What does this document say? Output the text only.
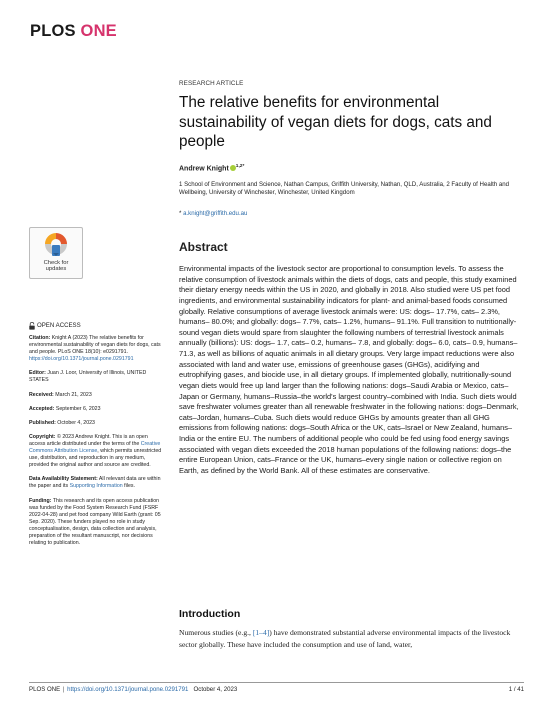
PLOS ONE
RESEARCH ARTICLE
The relative benefits for environmental sustainability of vegan diets for dogs, cats and people
Andrew Knight $^{1,2*}$
1 School of Environment and Science, Nathan Campus, Griffith University, Nathan, QLD, Australia, 2 Faculty of Health and Wellbeing, University of Winchester, Winchester, United Kingdom
* a.knight@griffith.edu.au
Abstract

Environmental impacts of the livestock sector are proportional to consumption levels. To assess the relative consumption of livestock animals within the diets of dogs, cats and people, this study examined their dietary energy needs within the US in 2020, and globally in 2018. Also studied were US pet food ingredients, and environmental sustainability indicators for plant- and animal-based foods consumed globally. Relative consumptions of average livestock animals were: US: dogs– 17.7%, cats– 2.3%, humans– 80.0%; and globally: dogs– 7.7%, cats– 1.2%, humans– 91.1%. Full transition to nutritionally-sound vegan diets would spare from slaughter the following numbers of terrestrial livestock animals annually (billions): US: dogs– 1.7, cats– 0.2, humans– 7.8, and globally: dogs– 6.0, cats– 0.9, humans– 71.3, as well as billions of aquatic animals in all dietary groups. Very large impact reductions were also associated with land and water use, emissions of greenhouse gases (GHGs), acidifying and eutrophifying gases, and biocide use, in all dietary groups. If implemented globally, nutritionally-sound vegan diets would free up land larger than the following nations: dogs–Saudi Arabia or Mexico, cats–Japan or Germany, humans–Russia–the world's largest country–combined with India. Such diets would save freshwater volumes greater than all renewable freshwater in the following nations: dogs–Denmark, cats–Jordan, humans–Cuba. Such diets would reduce GHGs by amounts greater than all GHG emissions from following nations: dogs–South Africa or the UK, cats–Israel or New Zealand, humans–India or the entire EU. The numbers of additional people who could be fed using food energy savings associated with vegan diets exceeded the 2018 human populations of the following nations: dogs–the entire European Union, cats–France or the UK, humans–every single nation or collective region on Earth, as defined by the World Bank. All of these estimates are conservative.

Introduction

Numerous studies (e.g., [1–4]) have demonstrated substantial adverse environmental impacts of the livestock sector globally. These have included the consumption and use of land, water,

Check for
updates
OPEN ACCESS
Citation: Knight A (2023) The relative benefits for environmental sustainability of vegan diets for dogs, cats and people. PLoS ONE 18(10): e0291791. https://doi.org/10.1371/journal.pone.0291791
Editor: Juan J. Loor, University of Illinois, UNITED STATES
Received: March 21, 2023
Accepted: September 6, 2023
Published: October 4, 2023
Copyright: © 2023 Andrew Knight. This is an open access article distributed under the terms of the Creative Commons Attribution License, which permits unrestricted use, distribution, and reproduction in any medium, provided the original author and source are credited.
Data Availability Statement: All relevant data are within the paper and its Supporting Information files.
Funding: This research and its open access publication was funded by the Food System Research Fund (FSRF 2022-04-28) and pet food company Wild Earth (grant: 05 Sep. 2020). These funders played no role in study conceptualisation, design, data collection and analysis, preparation of the resultant manuscript, nor decisions relating to publication.
PLOS ONE | https://doi.org/10.1371/journal.pone.0291791 October 4, 2023	1 / 41
